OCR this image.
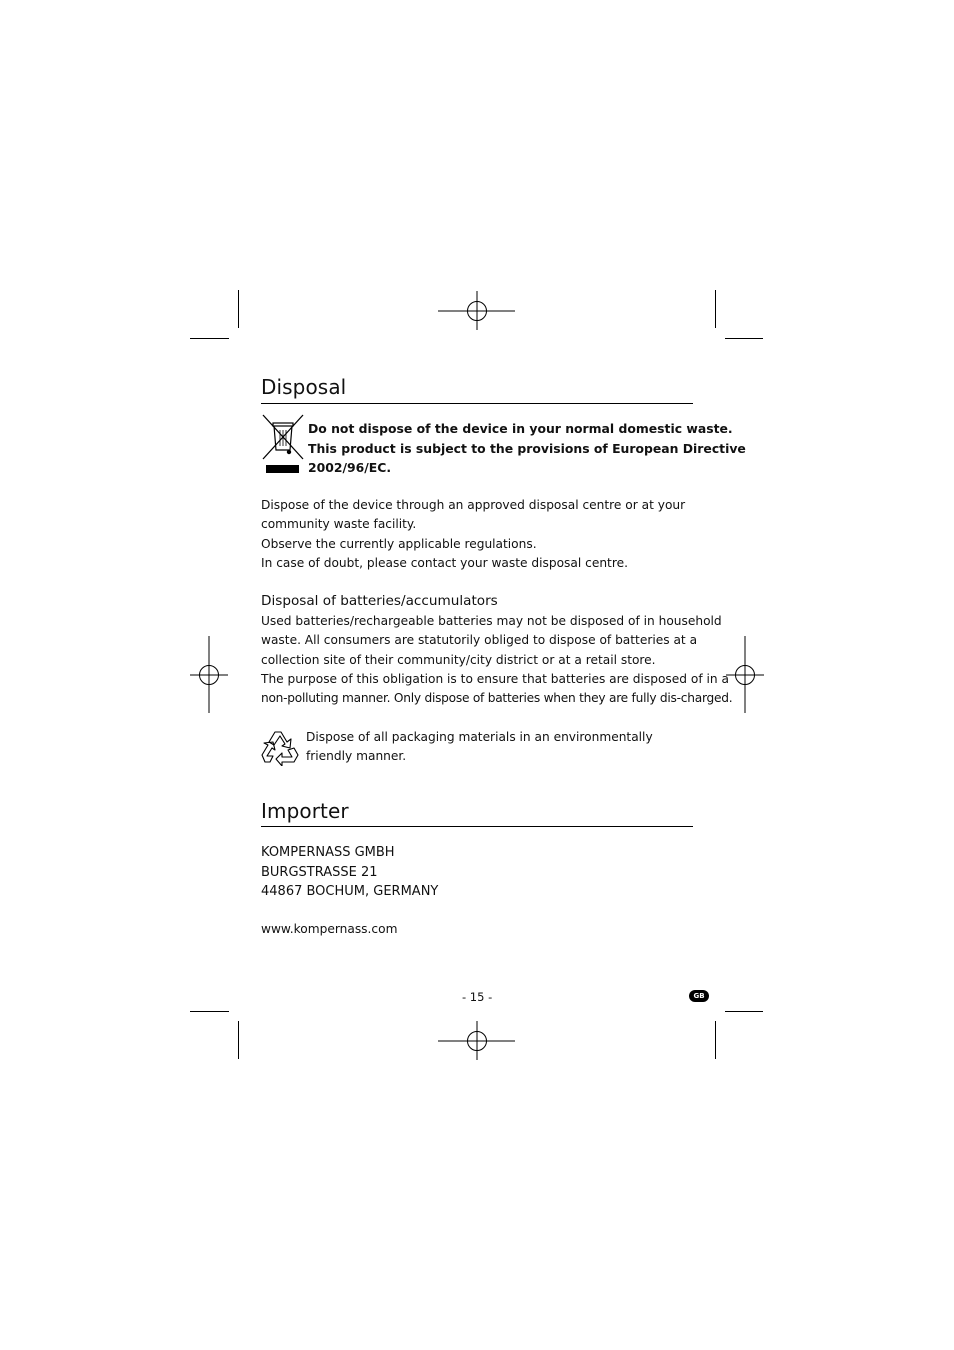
Disposal
Do not dispose of the device in your normal domestic waste.
This product is subject to the provisions of European Directive
2002/96/EC.
Dispose of the device through an approved disposal centre or at your
community waste facility.
Observe the currently applicable regulations.
In case of doubt, please contact your waste disposal centre.
Disposal of batteries/accumulators
Used batteries/rechargeable batteries may not be disposed of in household
waste. All consumers are statutorily obliged to dispose of batteries at a
collection site of their community/city district or at a retail store.
The purpose of this obligation is to ensure that batteries are disposed of in a
non-polluting manner. Only dispose of batteries when they are fully dis-charged.
Dispose of all packaging materials in an environmentally
friendly manner.
Importer
KOMPERNASS GMBH
BURGSTRASSE 21
44867 BOCHUM, GERMANY
www.kompernass.com
- 15 -	GB
